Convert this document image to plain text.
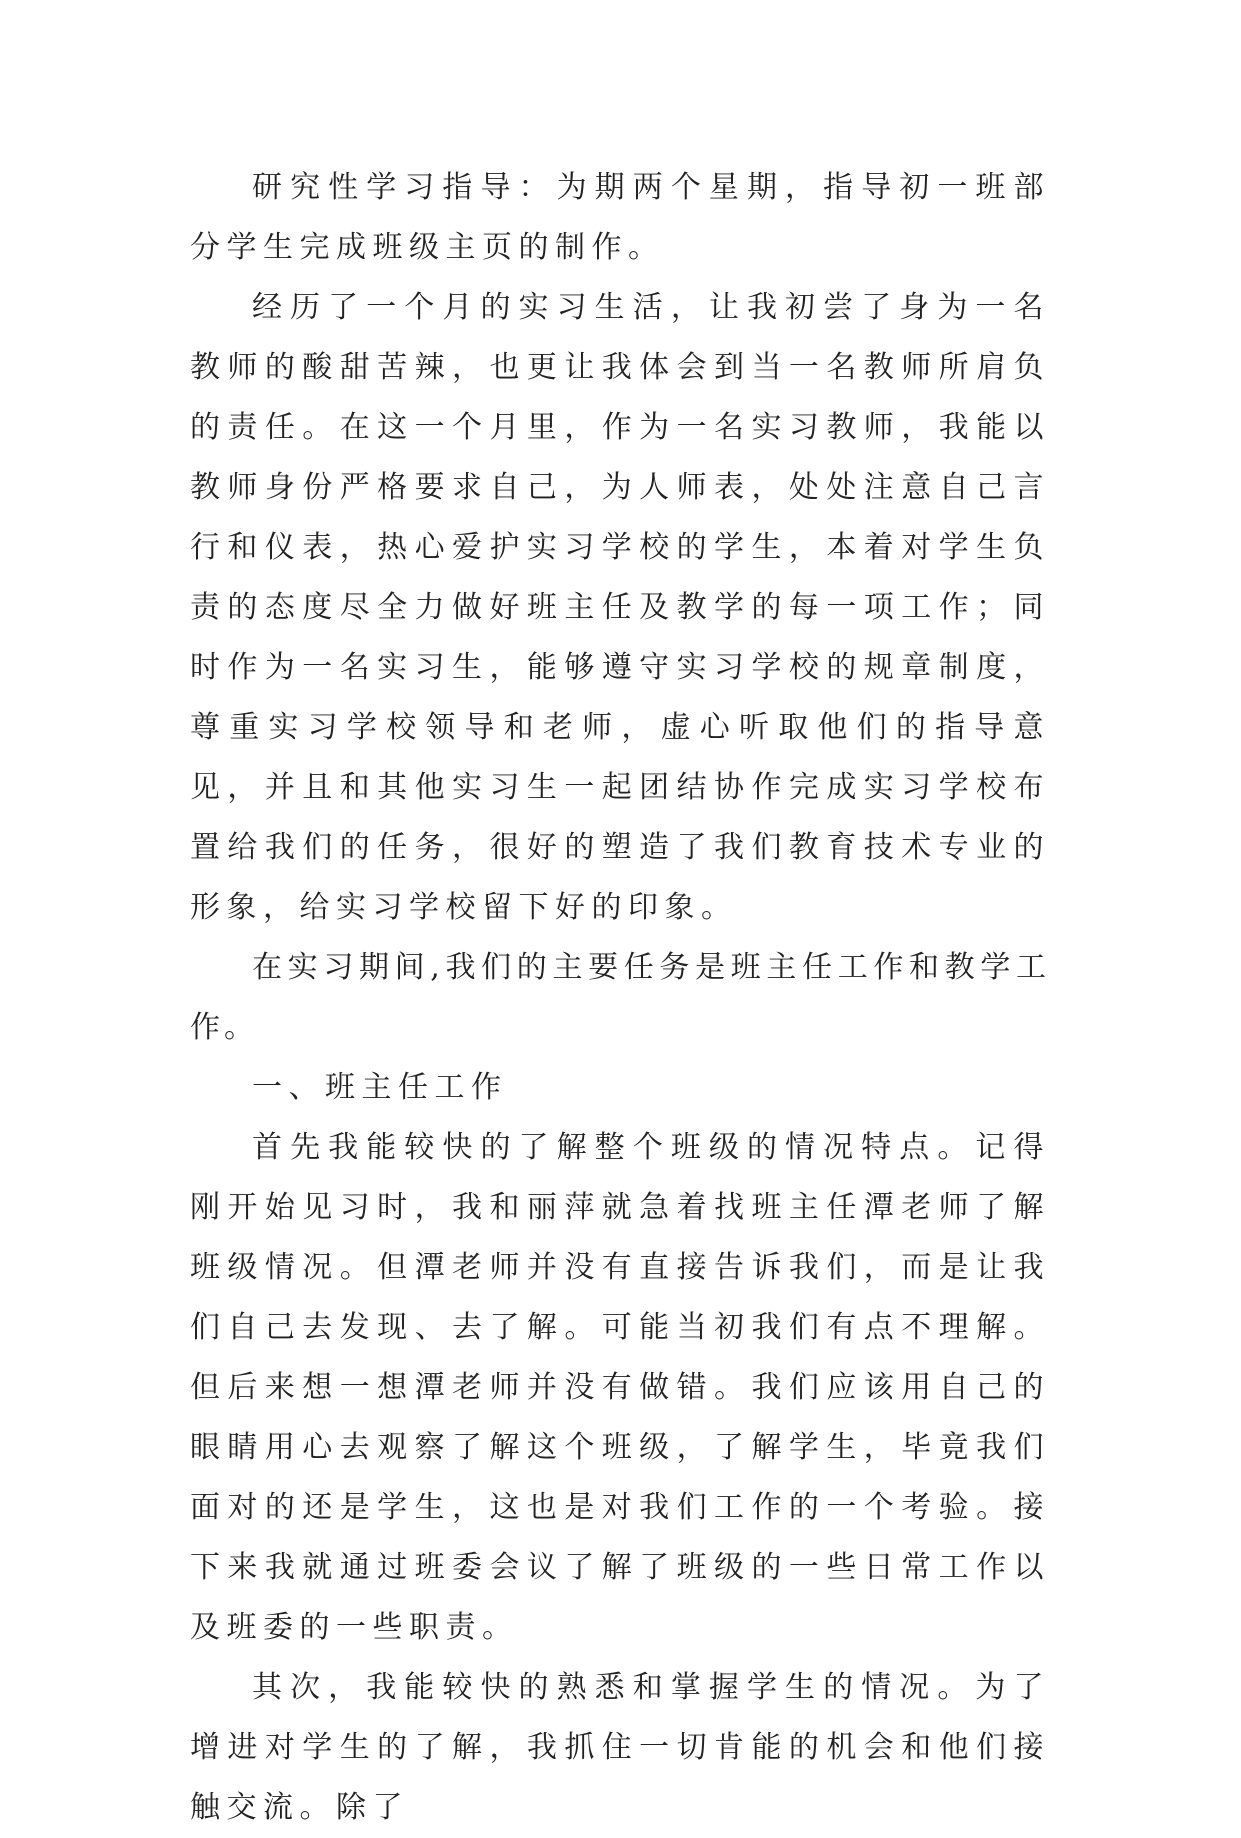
研究性学习指导：为期两个星期，指导初一班部分学生完成班级主页的制作。

经历了一个月的实习生活，让我初尝了身为一名教师的酸甜苦辣，也更让我体会到当一名教师所肩负的责任。在这一个月里，作为一名实习教师，我能以教师身份严格要求自己，为人师表，处处注意自己言行和仪表，热心爱护实习学校的学生，本着对学生负责的态度尽全力做好班主任及教学的每一项工作；同时作为一名实习生，能够遵守实习学校的规章制度，尊重实习学校领导和老师，虚心听取他们的指导意见，并且和其他实习生一起团结协作完成实习学校布置给我们的任务，很好的塑造了我们教育技术专业的形象，给实习学校留下好的印象。

在实习期间,我们的主要任务是班主任工作和教学工作。

一、班主任工作

首先我能较快的了解整个班级的情况特点。记得刚开始见习时，我和丽萍就急着找班主任潭老师了解班级情况。但潭老师并没有直接告诉我们，而是让我们自己去发现、去了解。可能当初我们有点不理解。但后来想一想潭老师并没有做错。我们应该用自己的眼睛用心去观察了解这个班级，了解学生，毕竟我们面对的还是学生，这也是对我们工作的一个考验。接下来我就通过班委会议了解了班级的一些日常工作以及班委的一些职责。

其次，我能较快的熟悉和掌握学生的情况。为了增进对学生的了解，我抓住一切肯能的机会和他们接触交流。除了
